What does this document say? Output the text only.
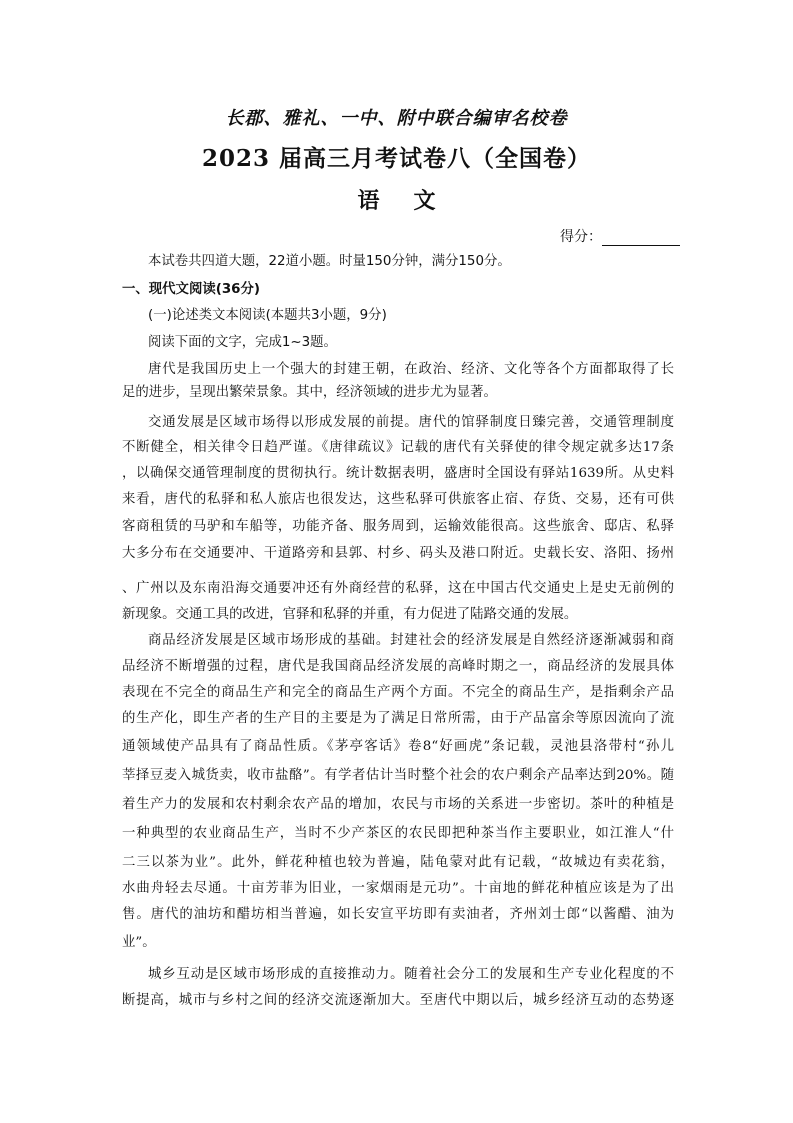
长郡、雅礼、一中、附中联合编审名校卷
2023 届高三月考试卷八（全国卷）
语 文
得分：
本试卷共四道大题，22道小题。时量150分钟，满分150分。
一、现代文阅读(36分)
(一)论述类文本阅读(本题共3小题，9分)
阅读下面的文字，完成1~3题。
唐代是我国历史上一个强大的封建王朝，在政治、经济、文化等各个方面都取得了长
足的进步，呈现出繁荣景象。其中，经济领域的进步尤为显著。
交通发展是区域市场得以形成发展的前提。唐代的馆驿制度日臻完善，交通管理制度
不断健全，相关律令日趋严谨。《唐律疏议》记载的唐代有关驿使的律令规定就多达17条
，以确保交通管理制度的贯彻执行。统计数据表明，盛唐时全国设有驿站1639所。从史料
来看，唐代的私驿和私人旅店也很发达，这些私驿可供旅客止宿、存货、交易，还有可供
客商租赁的马驴和车船等，功能齐备、服务周到，运输效能很高。这些旅舍、邸店、私驿
大多分布在交通要冲、干道路旁和县郭、村乡、码头及港口附近。史载长安、洛阳、扬州
、广州以及东南沿海交通要冲还有外商经营的私驿，这在中国古代交通史上是史无前例的
新现象。交通工具的改进，官驿和私驿的并重，有力促进了陆路交通的发展。
商品经济发展是区域市场形成的基础。封建社会的经济发展是自然经济逐渐减弱和商
品经济不断增强的过程，唐代是我国商品经济发展的高峰时期之一，商品经济的发展具体
表现在不完全的商品生产和完全的商品生产两个方面。不完全的商品生产，是指剩余产品
的生产化，即生产者的生产目的主要是为了满足日常所需，由于产品富余等原因流向了流
通领域使产品具有了商品性质。《茅亭客话》卷8“好画虎”条记载，灵池县洛带村“孙儿
莘择豆麦入城货卖，收市盐酪”。有学者估计当时整个社会的农户剩余产品率达到20%。随
着生产力的发展和农村剩余农产品的增加，农民与市场的关系进一步密切。茶叶的种植是
一种典型的农业商品生产，当时不少产茶区的农民即把种茶当作主要职业，如江淮人“什
二三以茶为业”。此外，鲜花种植也较为普遍，陆龟蒙对此有记载，“故城边有卖花翁，
水曲舟轻去尽通。十亩芳菲为旧业，一家烟雨是元功”。十亩地的鲜花种植应该是为了出
售。唐代的油坊和醋坊相当普遍，如长安宣平坊即有卖油者，齐州刘士郎“以酱醋、油为
业”。
城乡互动是区域市场形成的直接推动力。随着社会分工的发展和生产专业化程度的不
断提高，城市与乡村之间的经济交流逐渐加大。至唐代中期以后，城乡经济互动的态势逐
